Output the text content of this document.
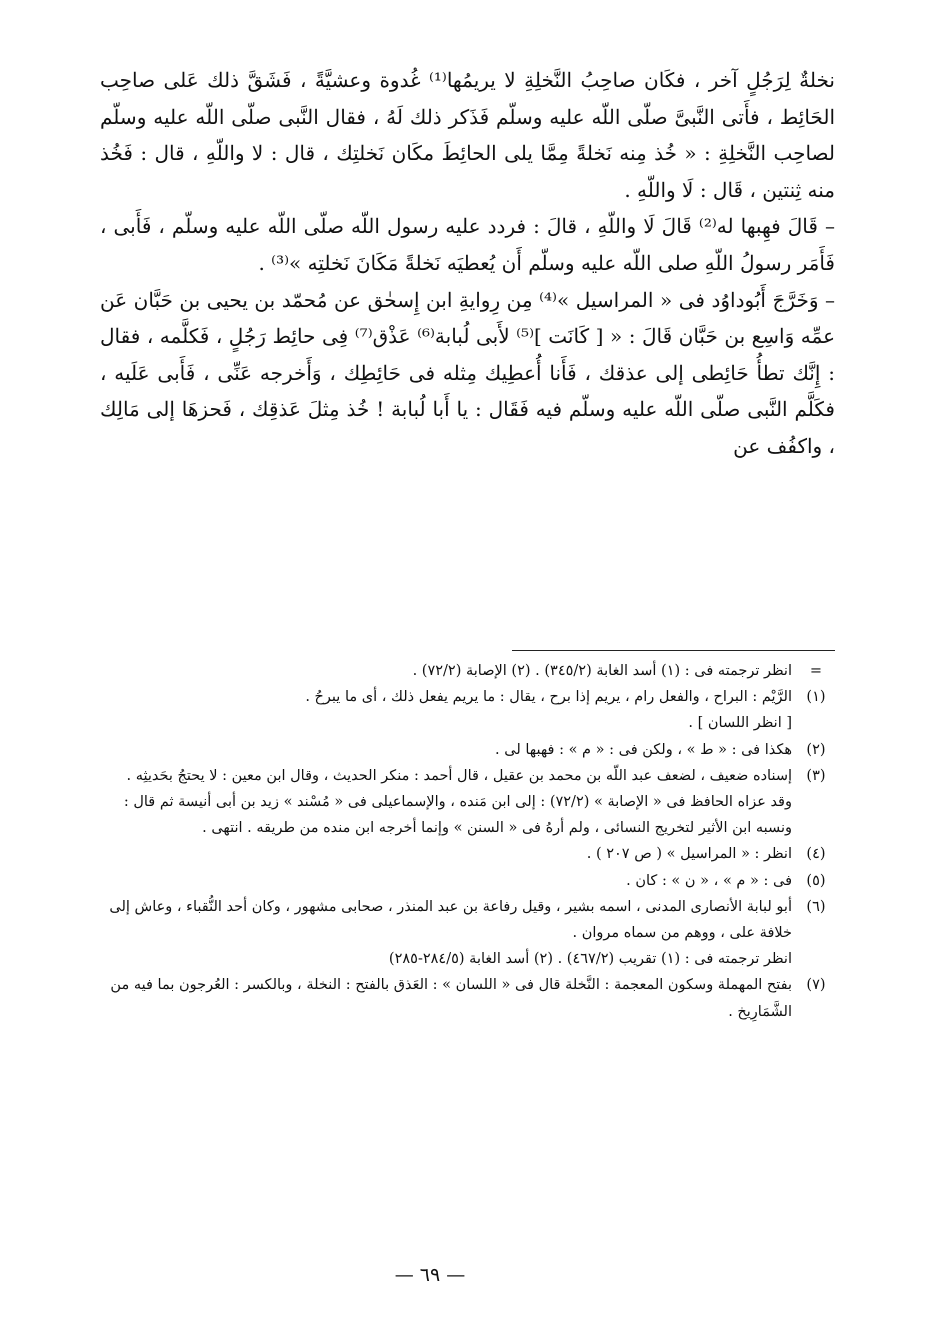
نخلةٌ لِرَجُلٍ آخر ، فكَان صاحِبُ النَّخلِةِ لا يريمُها⁽¹⁾ غُدوة وعشيَّةً ، فَشَقَّ ذلك عَلى صاحِب الحَائِط ، فأَتى النَّبىَّ صلّى اللّه عليه وسلّم فَذَكر ذلك لَهُ ، فقال النَّبى صلّى اللّه عليه وسلّم لصاحِب النَّخلِةِ : « خُذ مِنه نَخلةً مِمَّا يلى الحائِطَ مكَان نَخلتِك ، قال : لا واللّهِ ، قال : فَخُذ منه ثِنتين ، قَال : لَا واللّهِ .

– قَالَ فهِبها له⁽²⁾ قَالَ لَا واللّهِ ، قالَ : فردد عليه رسول اللّه صلّى اللّه عليه وسلّم ، فَأَبى ، فَأَمَر رسولُ اللّهِ صلى اللّه عليه وسلّم أَن يُعطيَه نَخلةً مَكَانَ نَخلتِه »⁽³⁾ .

– وَخَرَّجَ أَبُوداوُد فى « المراسيل »⁽⁴⁾ مِن رِوايةِ ابن إِسحٰق عن مُحمّد بن يحيى بن حَبَّان عَن عمِّه وَاسِع بن حَبَّان قَالَ : « [ كَانَت ]⁽⁵⁾ لأَبى لُبابة⁽⁶⁾ عَذْق⁽⁷⁾ فِى حائِط رَجُلٍ ، فَكلَّمه ، فقال : إِنَّك تطأُ حَائِطى إلى عذقك ، فَأَنا أُعطِيك مِثله فى حَائِطِك ، وَأَخرجه عَنِّى ، فَأَبى عَلَيه ، فكَلَّم النَّبى صلّى اللّه عليه وسلّم فيه فَقَال : يا أَبا لُبابة ! خُذ مِثلَ عَذقِك ، فَحزهَا إلى مَالِك ، واكفُف عن

=
انظر ترجمته فى : (١) أسد الغابة (٣٤٥/٢) . (٢) الإصابة (٧٢/٢) .
(١)
الرَّيْم : البراح ، والفعل رام ، يريم إذا برح ، يقال : ما يريم يفعل ذلك ، أى ما يبرحُ .
[ انظر اللسان ] .
(٢)
هكذا فى : « ط » ، ولكن فى : « م » : فهبها لى .
(٣)
إسناده ضعيف ، لضعف عبد اللّه بن محمد بن عقيل ، قال أحمد : منكر الحديث ، وقال ابن معين : لا يحتجُ بحَديثِه .
وقد عزاه الحافظ فى « الإصابة » (٧٢/٢) : إلى ابن مَنده ، والإسماعيلى فى « مُسْند » زيد بن أبى أنيسة ثم قال : ونسبه ابن الأثير لتخريج النسائى ، ولم أرهُ فى « السنن » وإنما أخرجه ابن منده من طريقه . انتهى .
(٤)
انظر : « المراسيل » ( ص ٢٠٧ ) .
(٥)
فى : « م » ، « ن » : كان .
(٦)
أبو لبابة الأنصارى المدنى ، اسمه بشير ، وقيل رفاعة بن عبد المنذر ، صحابى مشهور ، وكان أحد النُّقباء ، وعاش إلى خلافة على ، ووهم من سماه مروان .
انظر ترجمته فى : (١) تقريب (٤٦٧/٢) . (٢) أسد الغابة (٢٨٤/٥-٢٨٥)
(٧)
بفتح المهملة وسكون المعجمة : النَّخلة قال فى « اللسان » : العَذق بالفتح : النخلة ، وبالكسر : العُرجون بما فيه من الشَّمَارِيخ .
— ٦٩ —
